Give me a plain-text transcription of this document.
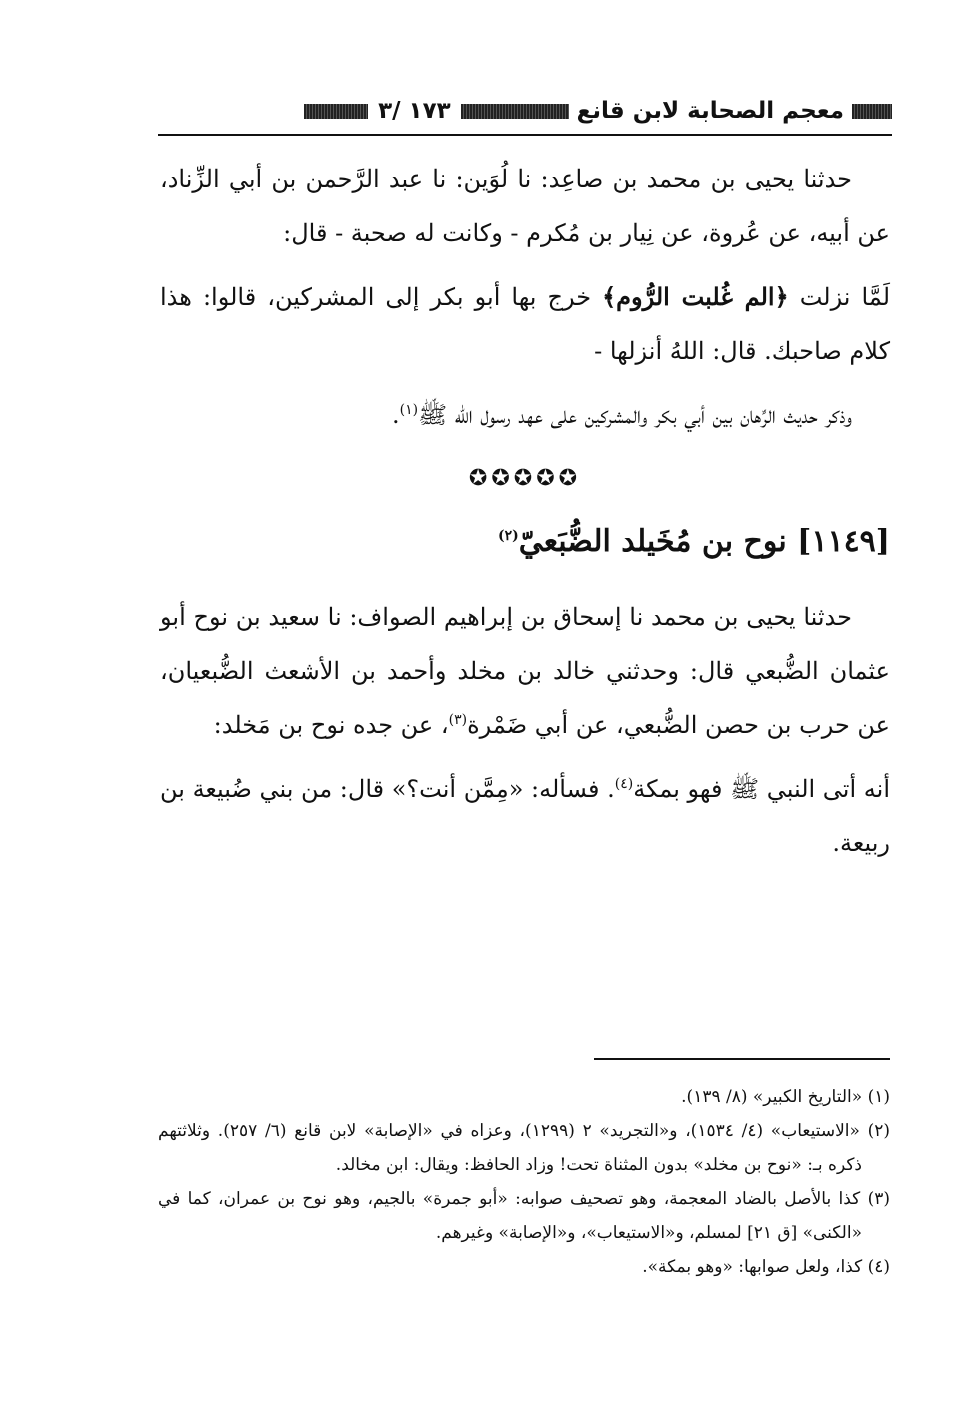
معجم الصحابة لابن قانع
١٧٣ /٣

حدثنا يحيى بن محمد بن صاعِد: نا لُوَين: نا عبد الرَّحمن بن أبي الزِّناد، عن أبيه، عن عُروة، عن نِيار بن مُكرم - وكانت له صحبة - قال:

لَمَّا نزلت ﴿الم غُلبت الرُّوم﴾ خرج بها أبو بكر إلى المشركين، قالوا: هذا كلام صاحبك. قال: اللهُ أنزلها -

وذكر حديث الرِّهان بين أبي بكر والمشركين على عهد رسول الله ﷺ$^{(١)}$.

✪✪✪✪✪
[١١٤٩] نوح بن مُخَيلد الضُّبَعيّ$^{(٢)}$

حدثنا يحيى بن محمد نا إسحاق بن إبراهيم الصواف: نا سعيد بن نوح أبو عثمان الضُّبعي قال: وحدثني خالد بن مخلد وأحمد بن الأشعث الضُّبعيان، عن حرب بن حصن الضُّبعي، عن أبي ضَمْرة$^{(٣)}$، عن جده نوح بن مَخلد:

أنه أتى النبي ﷺ فهو بمكة$^{(٤)}$. فسأله: «مِمَّن أنت؟» قال: من بني ضُبيعة بن ربيعة.

(١) «التاريخ الكبير» (٨/ ١٣٩).

(٢) «الاستيعاب» (٤/ ١٥٣٤)، و«التجريد» ٢ (١٢٩٩)، وعزاه في «الإصابة» لابن قانع (٦/ ٢٥٧). وثلاثتهم ذكره بـ: «نوح بن مخلد» بدون المثناة تحت! وزاد الحافظ: ويقال: ابن مخالد.

(٣) كذا بالأصل بالضاد المعجمة، وهو تصحيف صوابه: «أبو جمرة» بالجيم، وهو نوح بن عمران، كما في «الكنى» [ق ٢١] لمسلم، و«الاستيعاب»، و«الإصابة» وغيرهم.

(٤) كذا، ولعل صوابها: «وهو بمكة».
